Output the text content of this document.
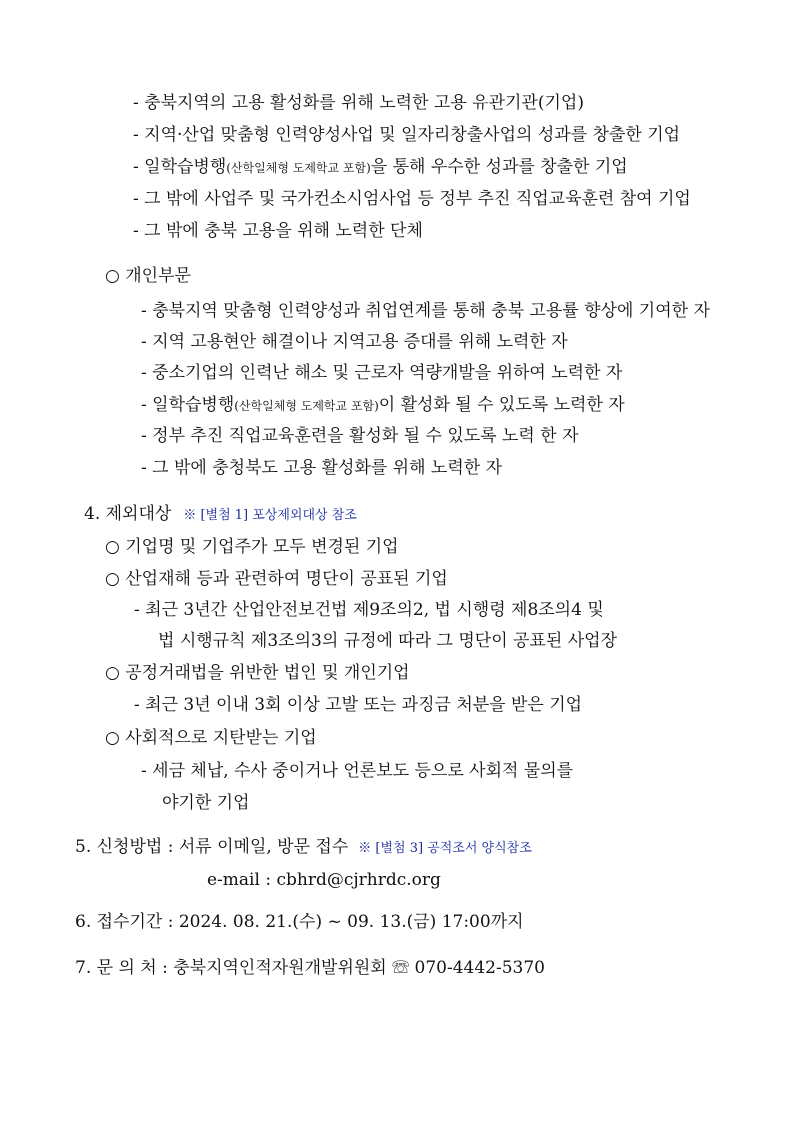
- 충북지역의 고용 활성화를 위해 노력한 고용 유관기관(기업)
- 지역·산업 맞춤형 인력양성사업 및 일자리창출사업의 성과를 창출한 기업
- 일학습병행(산학일체형 도제학교 포함)을 통해 우수한 성과를 창출한 기업
- 그 밖에 사업주 및 국가컨소시엄사업 등 정부 추진 직업교육훈련 참여 기업
- 그 밖에 충북 고용을 위해 노력한 단체
○ 개인부문
- 충북지역 맞춤형 인력양성과 취업연계를 통해 충북 고용률 향상에 기여한 자
- 지역 고용현안 해결이나 지역고용 증대를 위해 노력한 자
- 중소기업의 인력난 해소 및 근로자 역량개발을 위하여 노력한 자
- 일학습병행(산학일체형 도제학교 포함)이 활성화 될 수 있도록 노력한 자
- 정부 추진 직업교육훈련을 활성화 될 수 있도록 노력 한 자
- 그 밖에 충청북도 고용 활성화를 위해 노력한 자
4. 제외대상 ※ [별첨 1] 포상제외대상 참조
○ 기업명 및 기업주가 모두 변경된 기업
○ 산업재해 등과 관련하여 명단이 공표된 기업
- 최근 3년간 산업안전보건법 제9조의2, 법 시행령 제8조의4 및
법 시행규칙 제3조의3의 규정에 따라 그 명단이 공표된 사업장
○ 공정거래법을 위반한 법인 및 개인기업
- 최근 3년 이내 3회 이상 고발 또는 과징금 처분을 받은 기업
○ 사회적으로 지탄받는 기업
- 세금 체납, 수사 중이거나 언론보도 등으로 사회적 물의를
야기한 기업
5. 신청방법 : 서류 이메일, 방문 접수 ※ [별첨 3] 공적조서 양식참조
e-mail : cbhrd@cjrhrdc.org
6. 접수기간 : 2024. 08. 21.(수) ~ 09. 13.(금) 17:00까지
7. 문 의 처 : 충북지역인적자원개발위원회 ☏ 070-4442-5370
